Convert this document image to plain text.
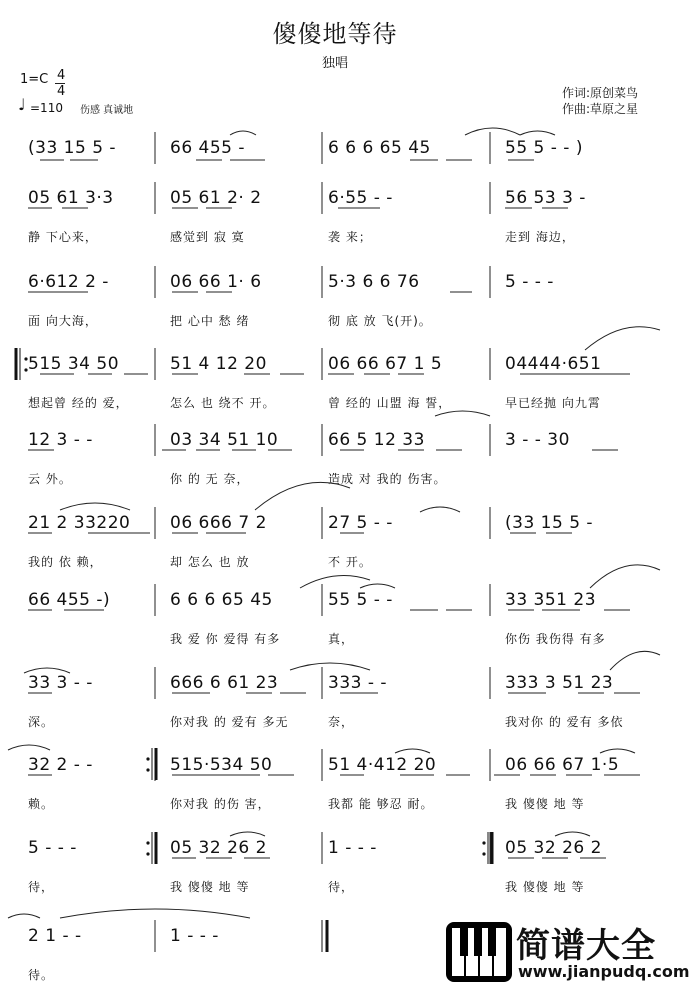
傻傻地等待
独唱
1=C 4
4
♩ =110 伤感 真诚地
作词:原创菜鸟
作曲:草原之星
(33 15 5 -	66 455 -	6 6 6 65 45	55 5 - - )
05 61 3·3	05 61 2· 2	6·55 - -	56 53 3 -
静 下心来，	感觉到 寂 寞	袭 来；	走到 海边，
6·612 2 -	06 66 1· 6	5·3 6 6 76	5 - - -
面 向大海，	把 心中 愁 绪	彻 底 放 飞(开)。
515 34 50	51 4 12 20	06 66 67 1 5	04444·651
想起曾 经的 爱，	怎么 也 绕不 开。	曾 经的 山盟 海 誓，	早已经抛 向九霄
12 3 - -	03 34 51 10	66 5 12 33	3 - - 30
云 外。	你 的 无 奈，	造成 对 我的 伤害。
21 2 33220 06 666 7 2	27 5 - -	(33 15 5 -
我的 依 赖，	却 怎么 也 放	不 开。
66 455 -)	6 6 6 65 45	55 5 - -	33 351 23
我 爱 你 爱得 有多	真，	你伤 我伤得 有多
33 3 - -	666 6 61 23	333 - -	333 3 51 23
深。	你对我 的 爱有 多无	奈，	我对你 的 爱有 多依
32 2 - -	515·534 50	51 4·412 20	06 66 67 1·5
赖。	你对我 的伤 害，	我都 能 够忍 耐。	我 傻傻 地 等
5 - - -	05 32 26 2	1 - - -	05 32 26 2
待，	我 傻傻 地 等	待，	我 傻傻 地 等
2 1 - -	1 - - -
待。
简谱大全
www.jianpudq.com
